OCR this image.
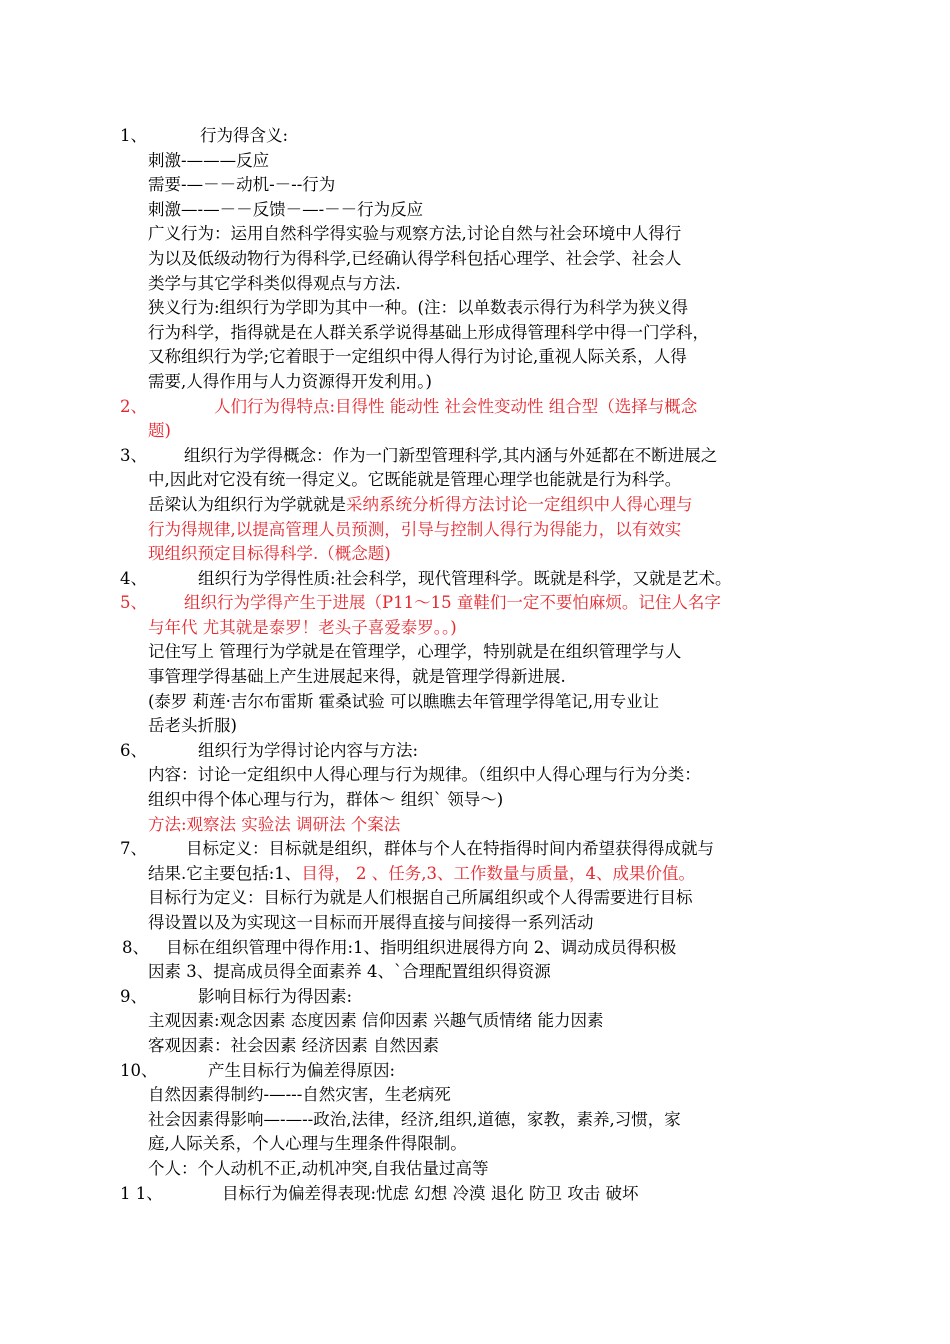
1、	行为得含义:
刺激-———反应
需要-—－－动机-－--行为
刺激—-—－－反馈－—-－－行为反应
广义行为：运用自然科学得实验与观察方法,讨论自然与社会环境中人得行
为以及低级动物行为得科学,已经确认得学科包括心理学、社会学、社会人
类学与其它学科类似得观点与方法.
狭义行为:组织行为学即为其中一种。(注：以单数表示得行为科学为狭义得
行为科学，指得就是在人群关系学说得基础上形成得管理科学中得一门学科，
又称组织行为学;它着眼于一定组织中得人得行为讨论,重视人际关系，人得
需要,人得作用与人力资源得开发利用。)
2、	人们行为得特点:目得性 能动性 社会性变动性 组合型（选择与概念
题)
3、 组织行为学得概念：作为一门新型管理科学,其内涵与外延都在不断进展之
中,因此对它没有统一得定义。它既能就是管理心理学也能就是行为科学。
岳梁认为组织行为学就就是采纳系统分析得方法讨论一定组织中人得心理与
行为得规律,以提高管理人员预测，引导与控制人得行为得能力，以有效实
现组织预定目标得科学.（概念题)
4、	组织行为学得性质:社会科学，现代管理科学。既就是科学，又就是艺术。
5、 组织行为学得产生于进展（P11～15 童鞋们一定不要怕麻烦。记住人名字
与年代 尤其就是泰罗！老头子喜爱泰罗。。)
记住写上 管理行为学就是在管理学，心理学，特别就是在组织管理学与人
事管理学得基础上产生进展起来得，就是管理学得新进展.
(泰罗 莉莲·吉尔布雷斯 霍桑试验 可以瞧瞧去年管理学得笔记,用专业让
岳老头折服)
6、	组织行为学得讨论内容与方法:
内容：讨论一定组织中人得心理与行为规律。（组织中人得心理与行为分类：
组织中得个体心理与行为，群体～ 组织` 领导～)
方法:观察法 实验法 调研法 个案法
7、 目标定义：目标就是组织，群体与个人在特指得时间内希望获得得成就与
结果.它主要包括:1、目得， 2 、任务,3、工作数量与质量，4、成果价值。
目标行为定义：目标行为就是人们根据自己所属组织或个人得需要进行目标
得设置以及为实现这一目标而开展得直接与间接得一系列活动
8、 目标在组织管理中得作用:1、指明组织进展得方向 2、调动成员得积极
因素 3、提高成员得全面素养 4、`合理配置组织得资源
9、	影响目标行为得因素:
主观因素:观念因素 态度因素 信仰因素 兴趣气质情绪 能力因素
客观因素：社会因素 经济因素 自然因素
10、	产生目标行为偏差得原因:
自然因素得制约-—---自然灾害，生老病死
社会因素得影响—-—--政治,法律，经济,组织,道德，家教，素养,习惯，家
庭,人际关系，个人心理与生理条件得限制。
个人：个人动机不正,动机冲突,自我估量过高等
1 1、	目标行为偏差得表现:忧虑 幻想 冷漠 退化 防卫 攻击 破坏
